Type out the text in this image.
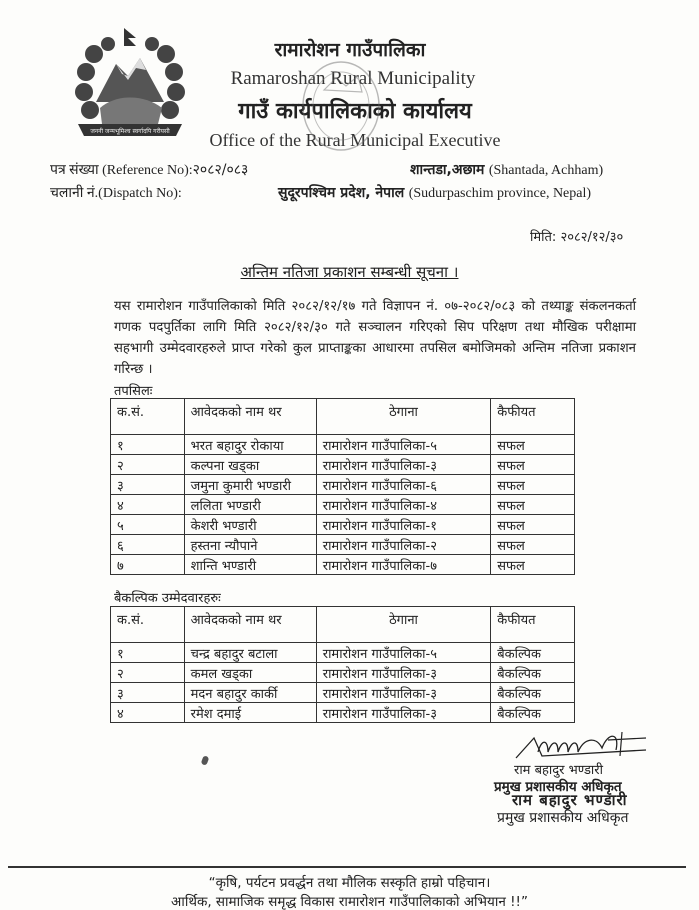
जननी जन्मभूमिश्च स्वर्गादपि गरीयसी
रामारोशन गाउँपालिका
Ramaroshan Rural Municipality
गाउँ कार्यपालिकाको कार्यालय
Office of the Rural Municipal Executive
पत्र संख्या (Reference No):२०८२/०८३	शान्तडा,अछाम (Shantada, Achham)
चलानी नं.(Dispatch No):	सुदूरपश्चिम प्रदेश, नेपाल (Sudurpaschim province, Nepal)
मिति: २०८२/१२/३०
अन्तिम नतिजा प्रकाशन सम्बन्धी सूचना ।
यस रामारोशन गाउँपालिकाको मिति २०८२/१२/१७ गते विज्ञापन नं. ०७-२०८२/०८३ को तथ्याङ्क संकलनकर्ता गणक पदपुर्तिका लागि मिति २०८२/१२/३० गते सञ्चालन गरिएको सिप परिक्षण तथा मौखिक परीक्षामा सहभागी उम्मेदवारहरुले प्राप्त गरेको कुल प्राप्ताङ्कका आधारमा तपसिल बमोजिमको अन्तिम नतिजा प्रकाशन गरिन्छ ।
तपसिलः
क.सं.	आवेदकको नाम थर	ठेगाना	कैफीयत
१	भरत बहादुर रोकाया	रामारोशन गाउँपालिका-५	सफल
२	कल्पना खड्का	रामारोशन गाउँपालिका-३	सफल
३	जमुना कुमारी भण्डारी	रामारोशन गाउँपालिका-६	सफल
४	ललिता भण्डारी	रामारोशन गाउँपालिका-४	सफल
५	केशरी भण्डारी	रामारोशन गाउँपालिका-१	सफल
६	हस्तना न्यौपाने	रामारोशन गाउँपालिका-२	सफल
७	शान्ति भण्डारी	रामारोशन गाउँपालिका-७	सफल
बैकल्पिक उम्मेदवारहरुः
क.सं.	आवेदकको नाम थर	ठेगाना	कैफीयत
१	चन्द्र बहादुर बटाला	रामारोशन गाउँपालिका-५	बैकल्पिक
२	कमल खड्का	रामारोशन गाउँपालिका-३	बैकल्पिक
३	मदन बहादुर कार्की	रामारोशन गाउँपालिका-३	बैकल्पिक
४	रमेश दमाई	रामारोशन गाउँपालिका-३	बैकल्पिक
राम बहादुर भण्डारी
प्रमुख प्रशासकीय अधिकृत
राम बहादुर भण्डारी
प्रमुख प्रशासकीय अधिकृत
“कृषि, पर्यटन प्रवर्द्धन तथा मौलिक सस्कृति हाम्रो पहिचान।
आर्थिक, सामाजिक समृद्ध विकास रामारोशन गाउँपालिकाको अभियान !!”
